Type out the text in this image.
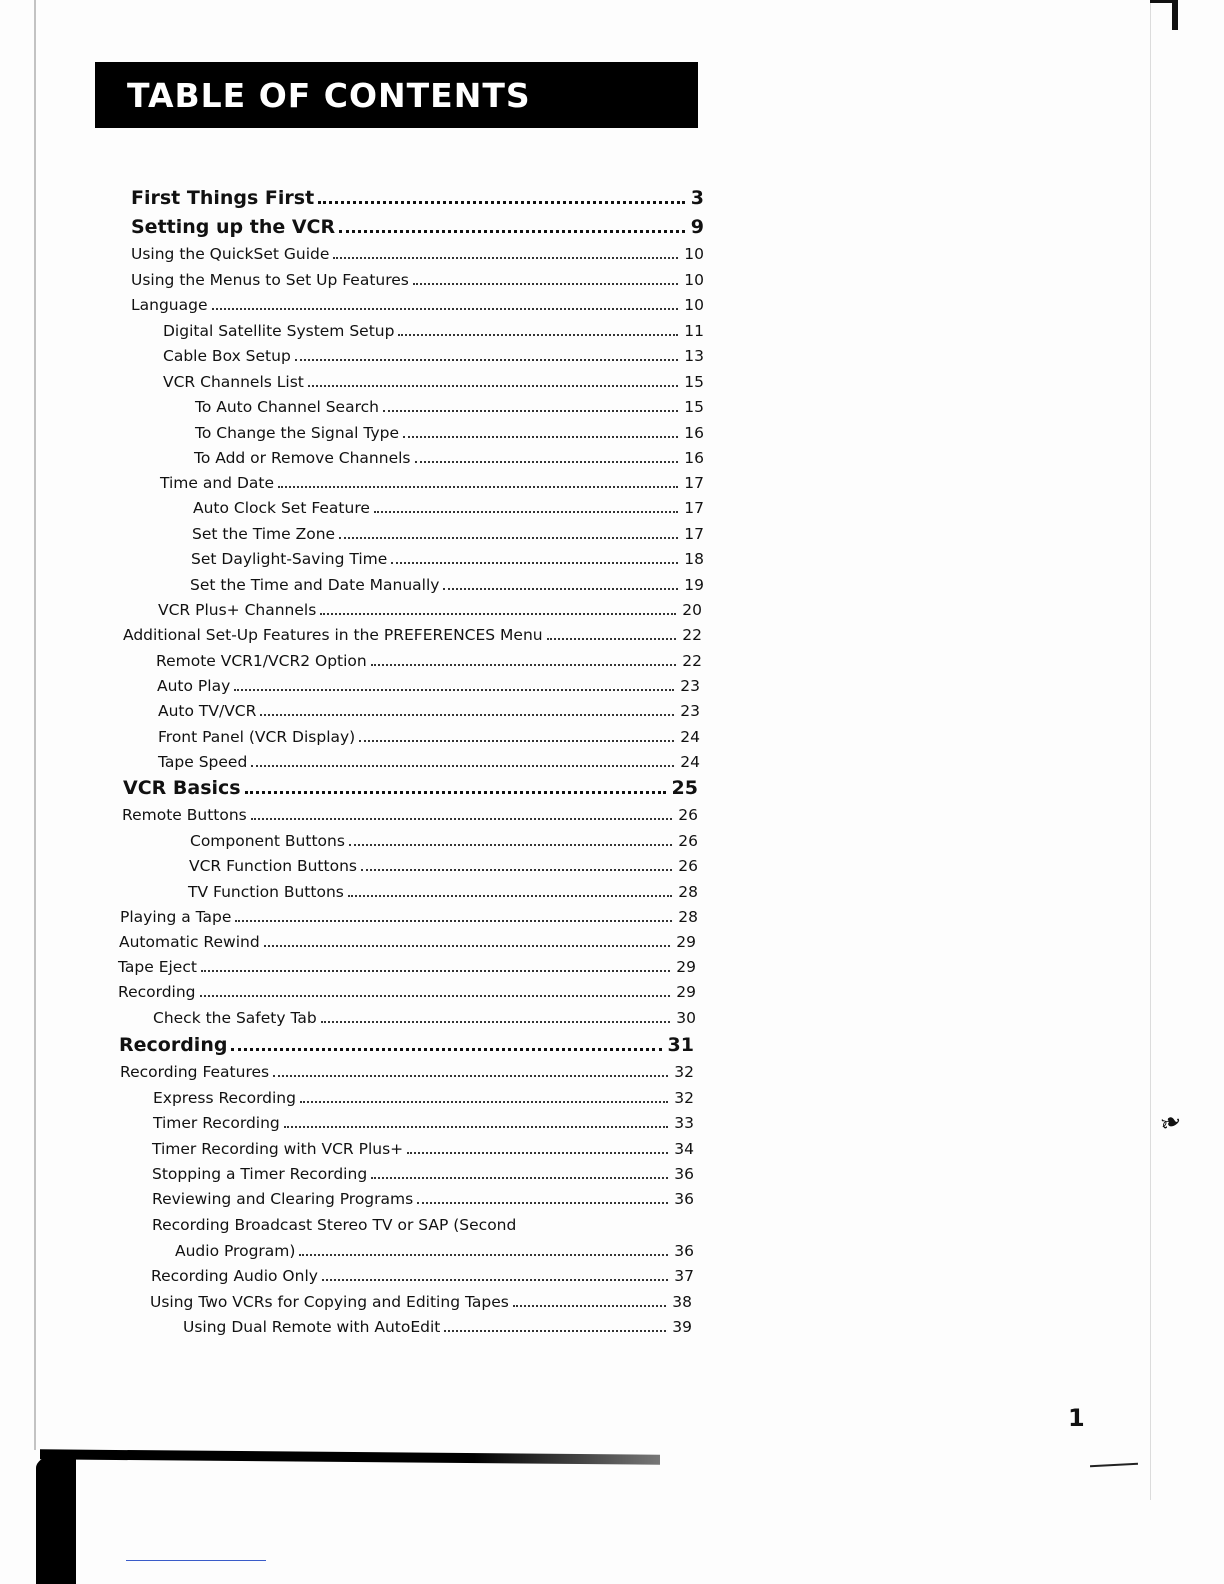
❧
TABLE OF CONTENTS
First Things First	3
Setting up the VCR	9
Using the QuickSet Guide	10
Using the Menus to Set Up Features	10
Language	10
Digital Satellite System Setup	11
Cable Box Setup	13
VCR Channels List	15
To Auto Channel Search	15
To Change the Signal Type	16
To Add or Remove Channels	16
Time and Date	17
Auto Clock Set Feature	17
Set the Time Zone	17
Set Daylight-Saving Time	18
Set the Time and Date Manually	19
VCR Plus+ Channels	20
Additional Set-Up Features in the PREFERENCES Menu	22
Remote VCR1/VCR2 Option	22
Auto Play	23
Auto TV/VCR	23
Front Panel (VCR Display)	24
Tape Speed	24
VCR Basics	25
Remote Buttons	26
Component Buttons	26
VCR Function Buttons	26
TV Function Buttons	28
Playing a Tape	28
Automatic Rewind	29
Tape Eject	29
Recording	29
Check the Safety Tab	30
Recording	31
Recording Features	32
Express Recording	32
Timer Recording	33
Timer Recording with VCR Plus+	34
Stopping a Timer Recording	36
Reviewing and Clearing Programs	36
Recording Broadcast Stereo TV or SAP (Second
Audio Program)	36
Recording Audio Only	37
Using Two VCRs for Copying and Editing Tapes	38
Using Dual Remote with AutoEdit	39
1
